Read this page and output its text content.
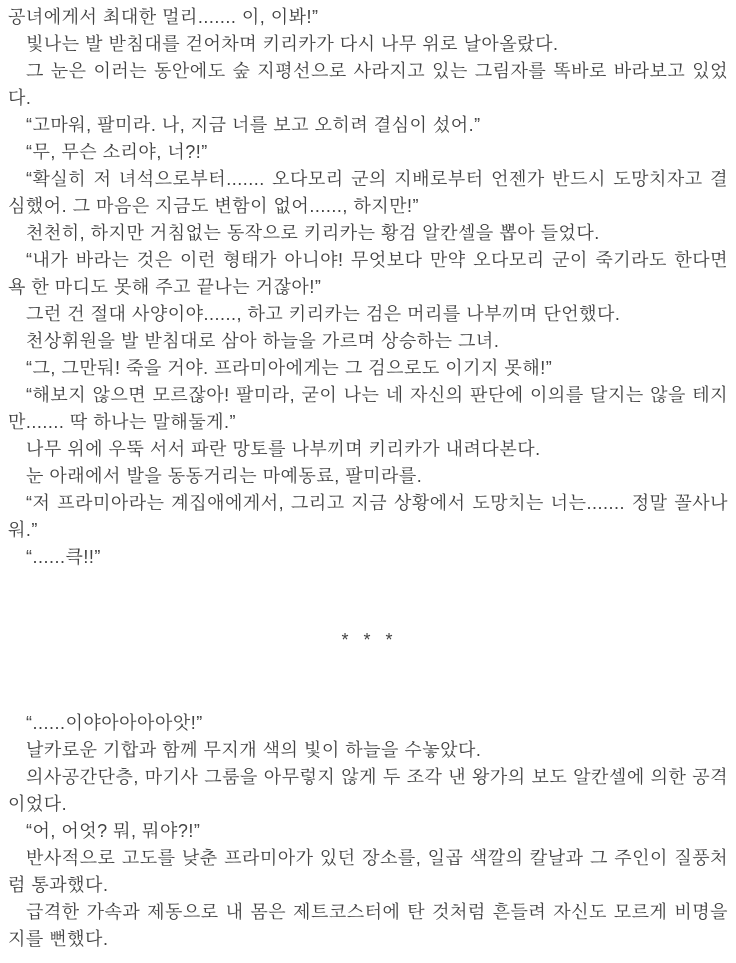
공녀에게서 최대한 멀리....... 이, 이봐!”

빛나는 발 받침대를 걷어차며 키리카가 다시 나무 위로 날아올랐다.

그 눈은 이러는 동안에도 숲 지평선으로 사라지고 있는 그림자를 똑바로 바라보고 있었다.

“고마워, 팔미라. 나, 지금 너를 보고 오히려 결심이 섰어.”

“무, 무슨 소리야, 너?!”

“확실히 저 녀석으로부터....... 오다모리 군의 지배로부터 언젠가 반드시 도망치자고 결심했어. 그 마음은 지금도 변함이 없어......, 하지만!”

천천히, 하지만 거침없는 동작으로 키리카는 황검 알칸셀을 뽑아 들었다.

“내가 바라는 것은 이런 형태가 아니야! 무엇보다 만약 오다모리 군이 죽기라도 한다면 욕 한 마디도 못해 주고 끝나는 거잖아!”

그런 건 절대 사양이야......, 하고 키리카는 검은 머리를 나부끼며 단언했다.

천상휘원을 발 받침대로 삼아 하늘을 가르며 상승하는 그녀.

“그, 그만둬! 죽을 거야. 프라미아에게는 그 검으로도 이기지 못해!”

“해보지 않으면 모르잖아! 팔미라, 굳이 나는 네 자신의 판단에 이의를 달지는 않을 테지만....... 딱 하나는 말해둘게.”

나무 위에 우뚝 서서 파란 망토를 나부끼며 키리카가 내려다본다.

눈 아래에서 발을 동동거리는 마예동료, 팔미라를.

“저 프라미아라는 계집애에게서, 그리고 지금 상황에서 도망치는 너는....... 정말 꼴사나워.”

“......큭!!”

* * *

“......이야아아아아앗!”

날카로운 기합과 함께 무지개 색의 빛이 하늘을 수놓았다.

의사공간단층, 마기사 그룸을 아무렇지 않게 두 조각 낸 왕가의 보도 알칸셀에 의한 공격이었다.

“어, 어엇? 뭐, 뭐야?!”

반사적으로 고도를 낮춘 프라미아가 있던 장소를, 일곱 색깔의 칼날과 그 주인이 질풍처럼 통과했다.

급격한 가속과 제동으로 내 몸은 제트코스터에 탄 것처럼 흔들려 자신도 모르게 비명을 지를 뻔했다.
